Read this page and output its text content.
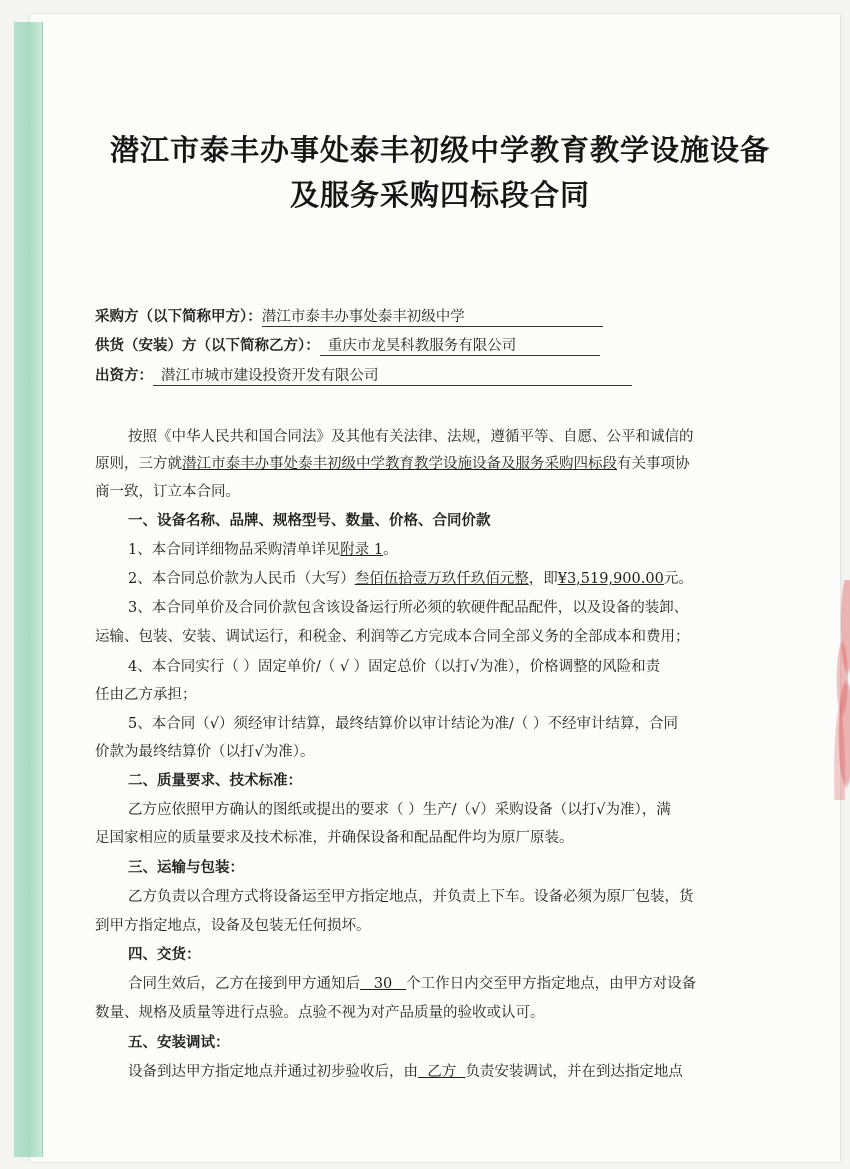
潜江市泰丰办事处泰丰初级中学教育教学设施设备
及服务采购四标段合同
采购方（以下简称甲方）：潜江市泰丰办事处泰丰初级中学
供货（安装）方（以下简称乙方）： 重庆市龙昊科教服务有限公司
出资方： 潜江市城市建设投资开发有限公司
按照《中华人民共和国合同法》及其他有关法律、法规，遵循平等、自愿、公平和诚信的
原则，三方就潜江市泰丰办事处泰丰初级中学教育教学设施设备及服务采购四标段有关事项协
商一致，订立本合同。
一、设备名称、品牌、规格型号、数量、价格、合同价款
1、本合同详细物品采购清单详见附录 1。
2、本合同总价款为人民币（大写）叁佰伍拾壹万玖仟玖佰元整，即¥3,519,900.00元。
3、本合同单价及合同价款包含该设备运行所必须的软硬件配品配件，以及设备的装卸、
运输、包装、安装、调试运行，和税金、利润等乙方完成本合同全部义务的全部成本和费用；
4、本合同实行（ ）固定单价/（ √ ）固定总价（以打√为准），价格调整的风险和责
任由乙方承担；
5、本合同（√）须经审计结算，最终结算价以审计结论为准/（ ）不经审计结算，合同
价款为最终结算价（以打√为准）。
二、质量要求、技术标准：
乙方应依照甲方确认的图纸或提出的要求（ ）生产/（√）采购设备（以打√为准），满
足国家相应的质量要求及技术标准，并确保设备和配品配件均为原厂原装。
三、运输与包装：
乙方负责以合理方式将设备运至甲方指定地点，并负责上下车。设备必须为原厂包装，货
到甲方指定地点，设备及包装无任何损坏。
四、交货：
合同生效后，乙方在接到甲方通知后   30   个工作日内交至甲方指定地点，由甲方对设备
数量、规格及质量等进行点验。点验不视为对产品质量的验收或认可。
五、安装调试：
设备到达甲方指定地点并通过初步验收后，由  乙方  负责安装调试，并在到达指定地点
